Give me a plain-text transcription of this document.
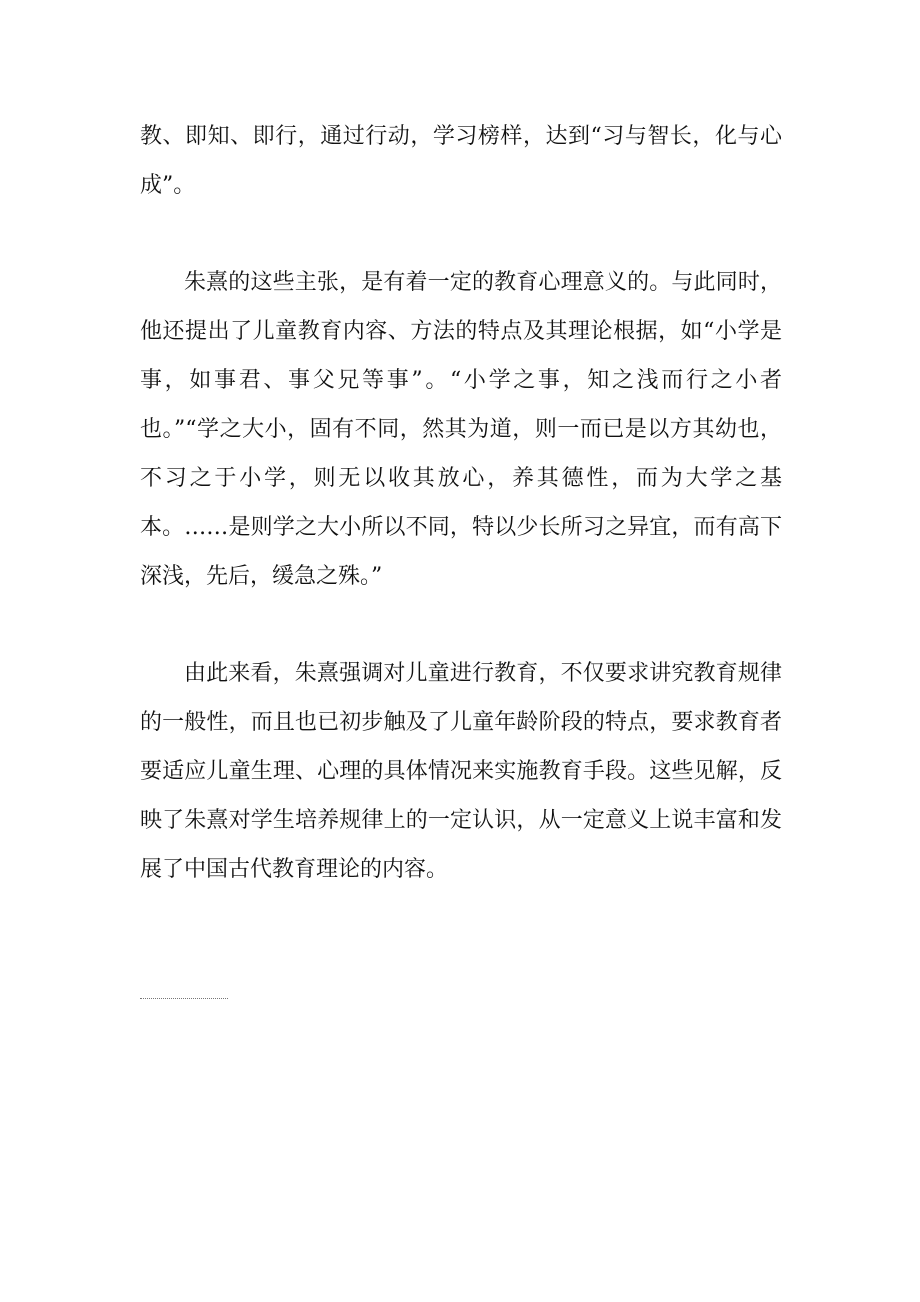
教、即知、即行，通过行动，学习榜样，达到“习与智长，化与心成”。

朱熹的这些主张，是有着一定的教育心理意义的。与此同时，他还提出了儿童教育内容、方法的特点及其理论根据，如“小学是事，如事君、事父兄等事”。“小学之事，知之浅而行之小者也。”“学之大小，固有不同，然其为道，则一而已是以方其幼也，不习之于小学，则无以收其放心，养其德性，而为大学之基本。……是则学之大小所以不同，特以少长所习之异宜，而有高下深浅，先后，缓急之殊。”

由此来看，朱熹强调对儿童进行教育，不仅要求讲究教育规律的一般性，而且也已初步触及了儿童年龄阶段的特点，要求教育者要适应儿童生理、心理的具体情况来实施教育手段。这些见解，反映了朱熹对学生培养规律上的一定认识，从一定意义上说丰富和发展了中国古代教育理论的内容。
